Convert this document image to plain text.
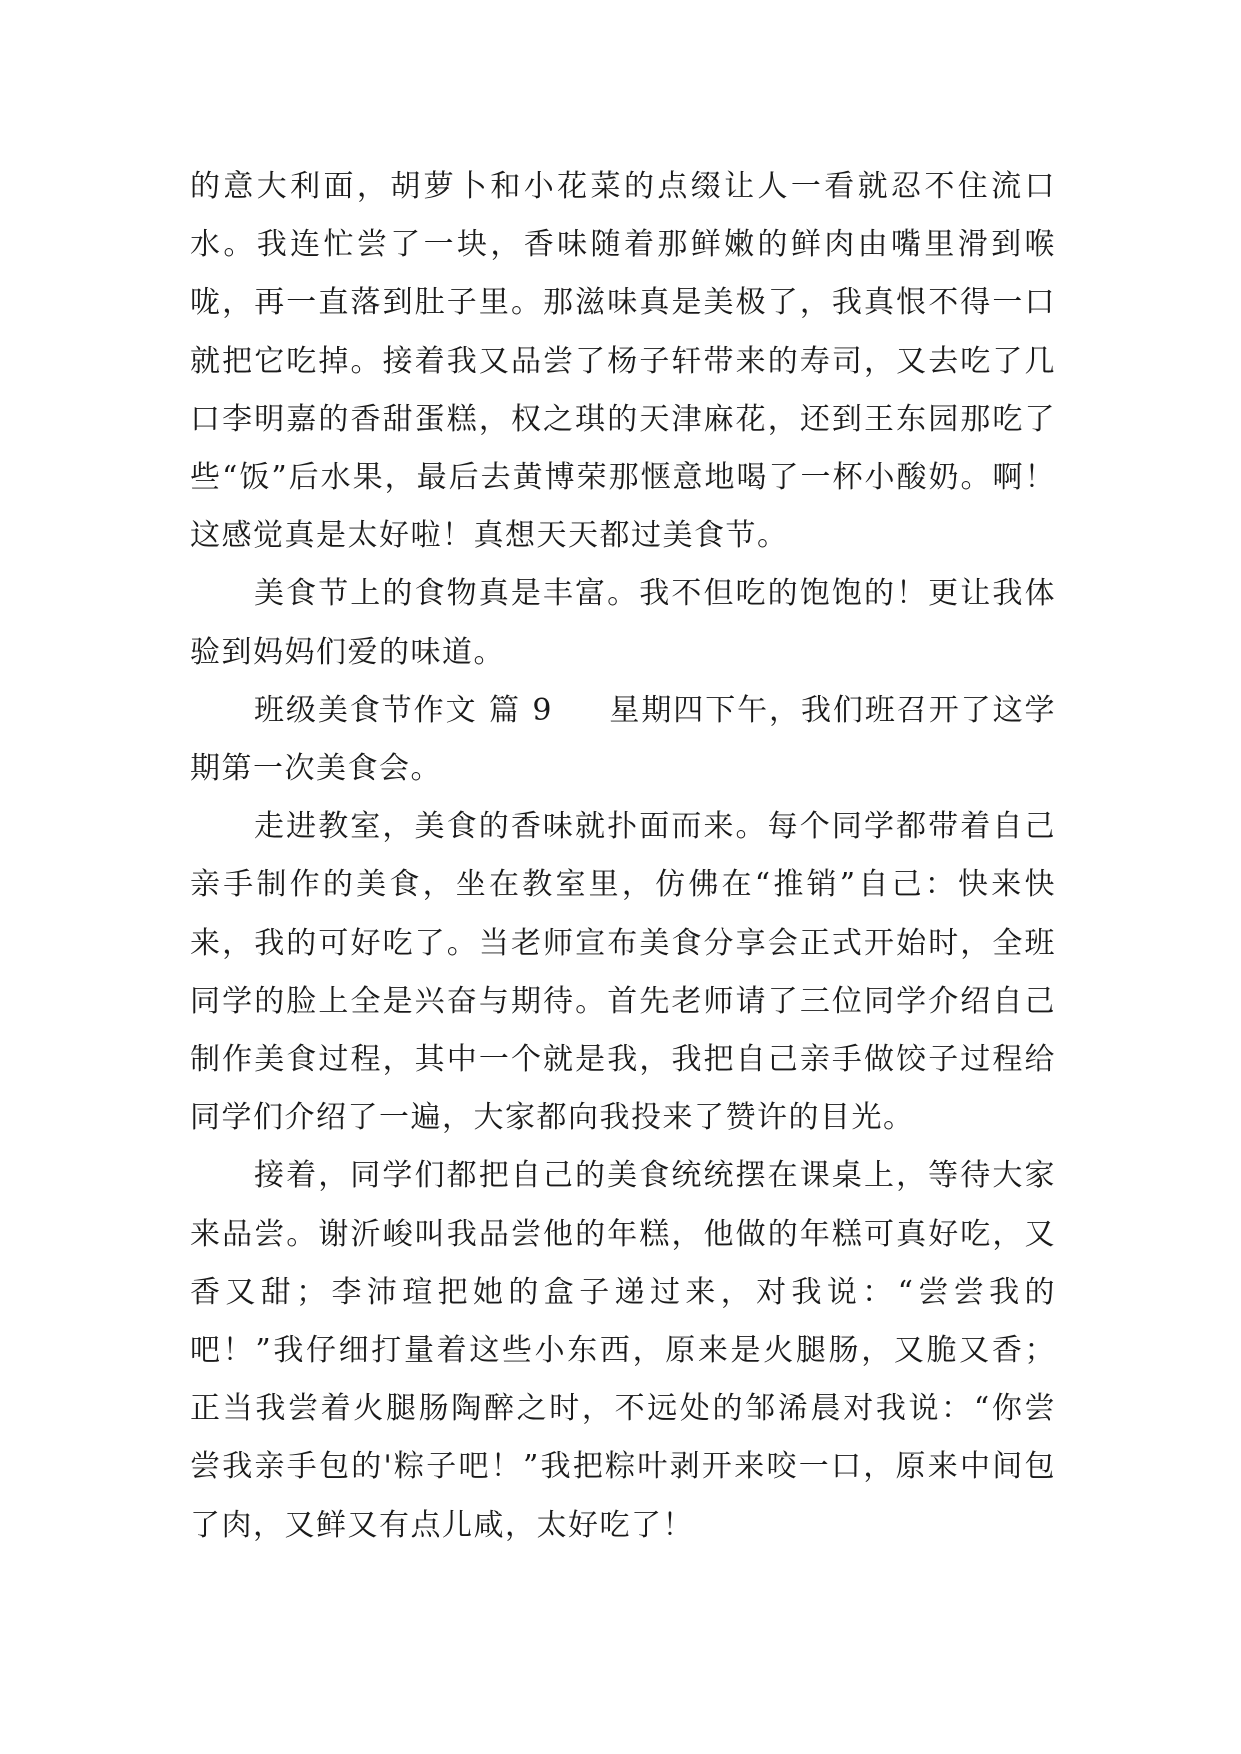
的意大利面，胡萝卜和小花菜的点缀让人一看就忍不住流口水。我连忙尝了一块，香味随着那鲜嫩的鲜肉由嘴里滑到喉咙，再一直落到肚子里。那滋味真是美极了，我真恨不得一口就把它吃掉。接着我又品尝了杨子轩带来的寿司，又去吃了几口李明嘉的香甜蛋糕，权之琪的天津麻花，还到王东园那吃了些“饭”后水果，最后去黄博荣那惬意地喝了一杯小酸奶。啊！这感觉真是太好啦！真想天天都过美食节。

美食节上的食物真是丰富。我不但吃的饱饱的！更让我体验到妈妈们爱的味道。

班级美食节作文 篇 9 星期四下午，我们班召开了这学期第一次美食会。

走进教室，美食的香味就扑面而来。每个同学都带着自己亲手制作的美食，坐在教室里，仿佛在“推销”自己：快来快来，我的可好吃了。当老师宣布美食分享会正式开始时，全班同学的脸上全是兴奋与期待。首先老师请了三位同学介绍自己制作美食过程，其中一个就是我，我把自己亲手做饺子过程给同学们介绍了一遍，大家都向我投来了赞许的目光。

接着，同学们都把自己的美食统统摆在课桌上，等待大家来品尝。谢沂峻叫我品尝他的年糕，他做的年糕可真好吃，又香又甜；李沛瑄把她的盒子递过来，对我说：“尝尝我的吧！”我仔细打量着这些小东西，原来是火腿肠，又脆又香；正当我尝着火腿肠陶醉之时，不远处的邹浠晨对我说：“你尝尝我亲手包的'粽子吧！”我把粽叶剥开来咬一口，原来中间包了肉，又鲜又有点儿咸，太好吃了！
